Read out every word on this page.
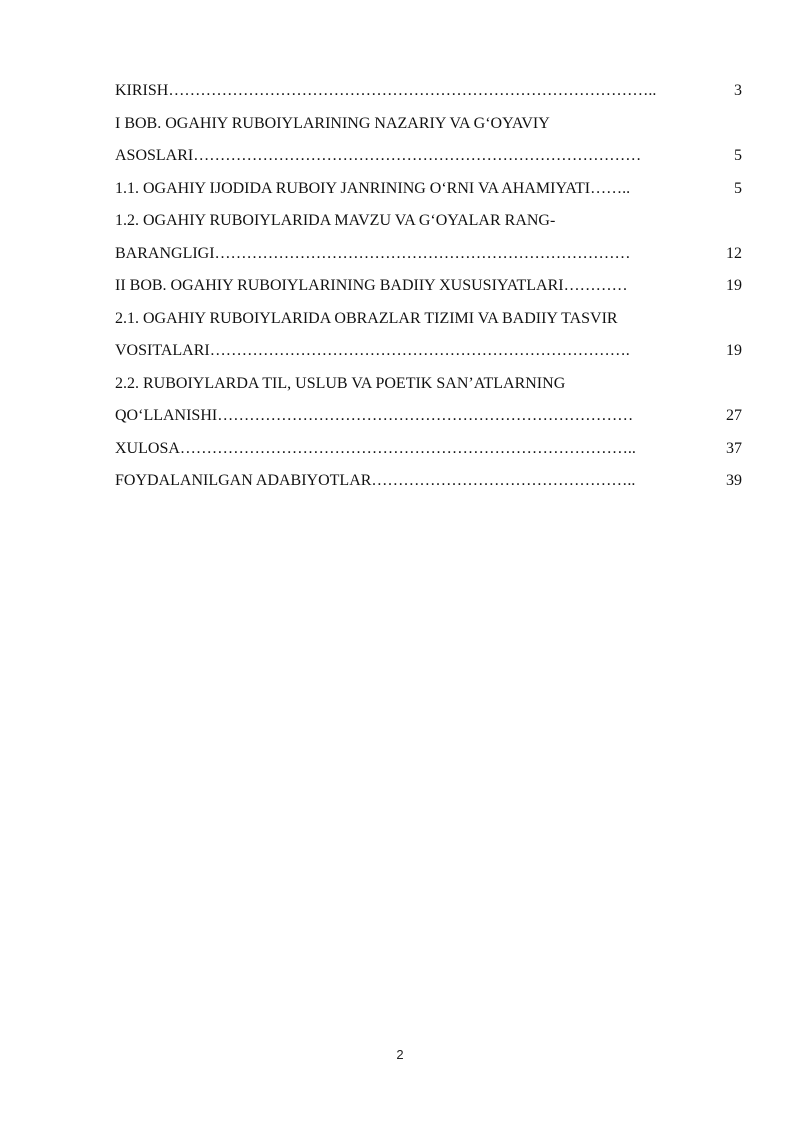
KIRISH………………………………………………………………………………..	3
I BOB. OGAHIY RUBOIYLARINING NAZARIY VA G‘OYAVIY
ASOSLARI…………………………………………………………………………	5
1.1. OGAHIY IJODIDA RUBOIY JANRINING O‘RNI VA AHAMIYATI……..	5
1.2. OGAHIY RUBOIYLARIDA MAVZU VA G‘OYALAR RANG-
BARANGLIGI……………………………………………………………………	12
II BOB. OGAHIY RUBOIYLARINING BADIIY XUSUSIYATLARI…………	19
2.1. OGAHIY RUBOIYLARIDA OBRAZLAR TIZIMI VA BADIIY TASVIR
VOSITALARI…………………………………………………………………….	19
2.2. RUBOIYLARDA TIL, USLUB VA POETIK SAN’ATLARNING
QO‘LLANISHI……………………………………………………………………	27
XULOSA…………………………………………………………………………..	37
FOYDALANILGAN ADABIYOTLAR…………………………………………..	39
2
